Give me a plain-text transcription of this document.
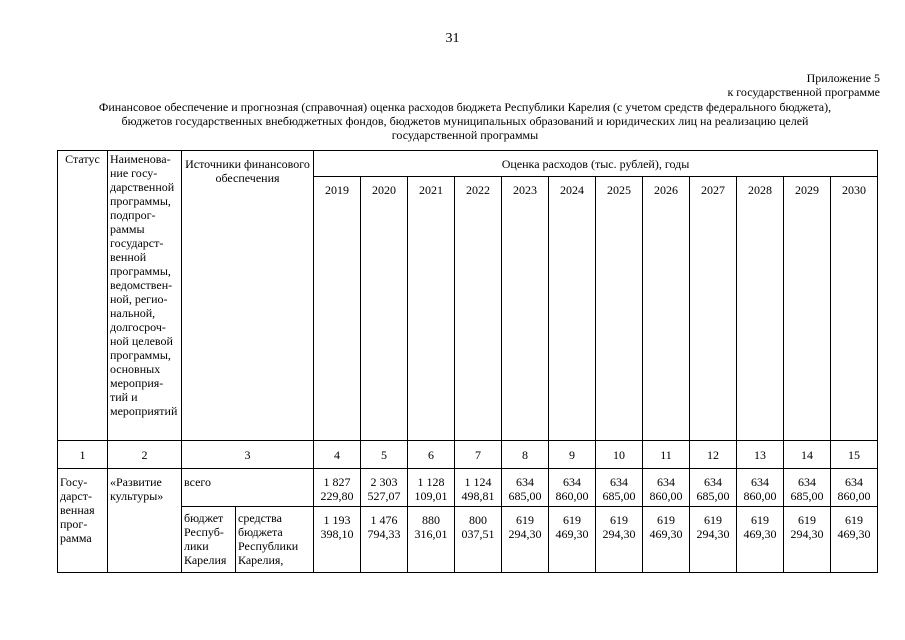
31
Приложение 5
к государственной программе
Финансовое обеспечение и прогнозная (справочная) оценка расходов бюджета Республики Карелия (с учетом средств федерального бюджета),
бюджетов государственных внебюджетных фондов, бюджетов муниципальных образований и юридических лиц на реализацию целей
государственной программы
Статус	Наименова-ние госу-дарственной программы, подпрог-раммы государст-венной программы, ведомствен-ной, регио-нальной, долгосроч-ной целевой программы, основных мероприя-тий и мероприятий	Источники финансового обеспечения		Оценка расходов (тыс. рублей), годы											
				2019	2020	2021	2022	2023	2024	2025	2026	2027	2028	2029	2030
1	2	3		4	5	6	7	8	9	10	11	12	13	14	15
Госу-дарст-венная прог-рамма	«Развитие культуры»	всего		1 827 229,80	2 303 527,07	1 128 109,01	1 124 498,81	634 685,00	634 860,00	634 685,00	634 860,00	634 685,00	634 860,00	634 685,00	634 860,00
		бюджет Респуб-лики Карелия	средства бюджета Республики Карелия,	1 193 398,10	1 476 794,33	880 316,01	800 037,51	619 294,30	619 469,30	619 294,30	619 469,30	619 294,30	619 469,30	619 294,30	619 469,30
